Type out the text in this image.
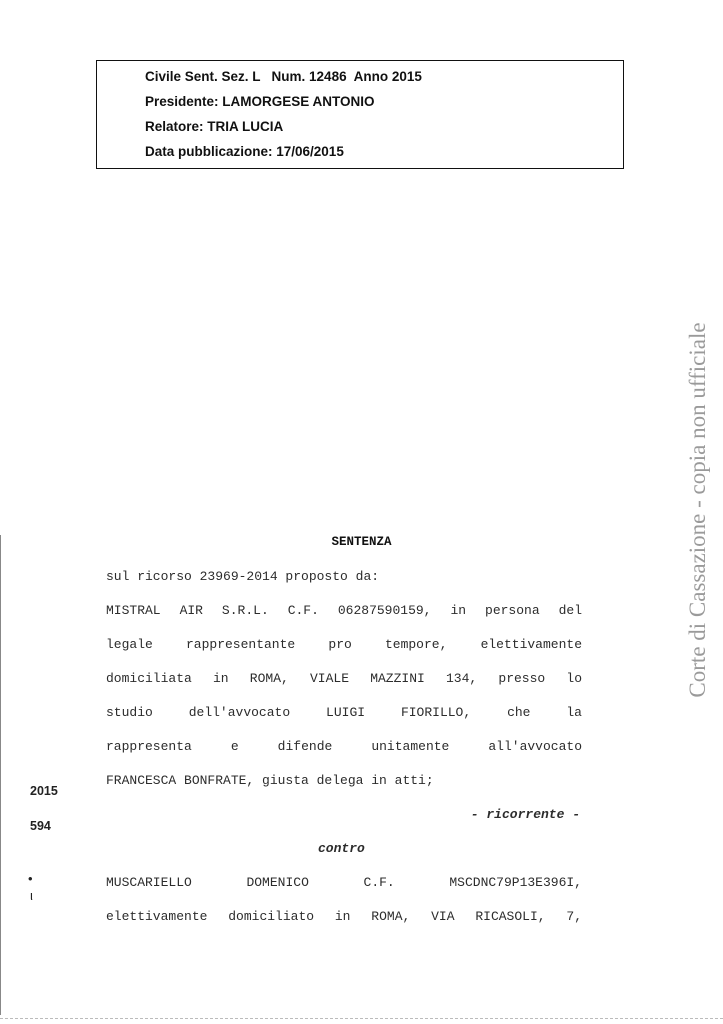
Civile Sent. Sez. L   Num. 12486  Anno 2015
Presidente: LAMORGESE ANTONIO
Relatore: TRIA LUCIA
Data pubblicazione: 17/06/2015
Corte di Cassazione - copia non ufficiale
2015
594
•
ι
SENTENZA
sul ricorso 23969-2014 proposto da:
MISTRAL AIR S.R.L. C.F. 06287590159, in persona del
legale rappresentante pro tempore, elettivamente
domiciliata in ROMA, VIALE MAZZINI 134, presso lo
studio dell'avvocato LUIGI FIORILLO, che la
rappresenta e difende unitamente all'avvocato
FRANCESCA BONFRATE, giusta delega in atti;
- ricorrente -
contro
MUSCARIELLO DOMENICO C.F. MSCDNC79P13E396I,
elettivamente domiciliato in ROMA, VIA RICASOLI, 7,
